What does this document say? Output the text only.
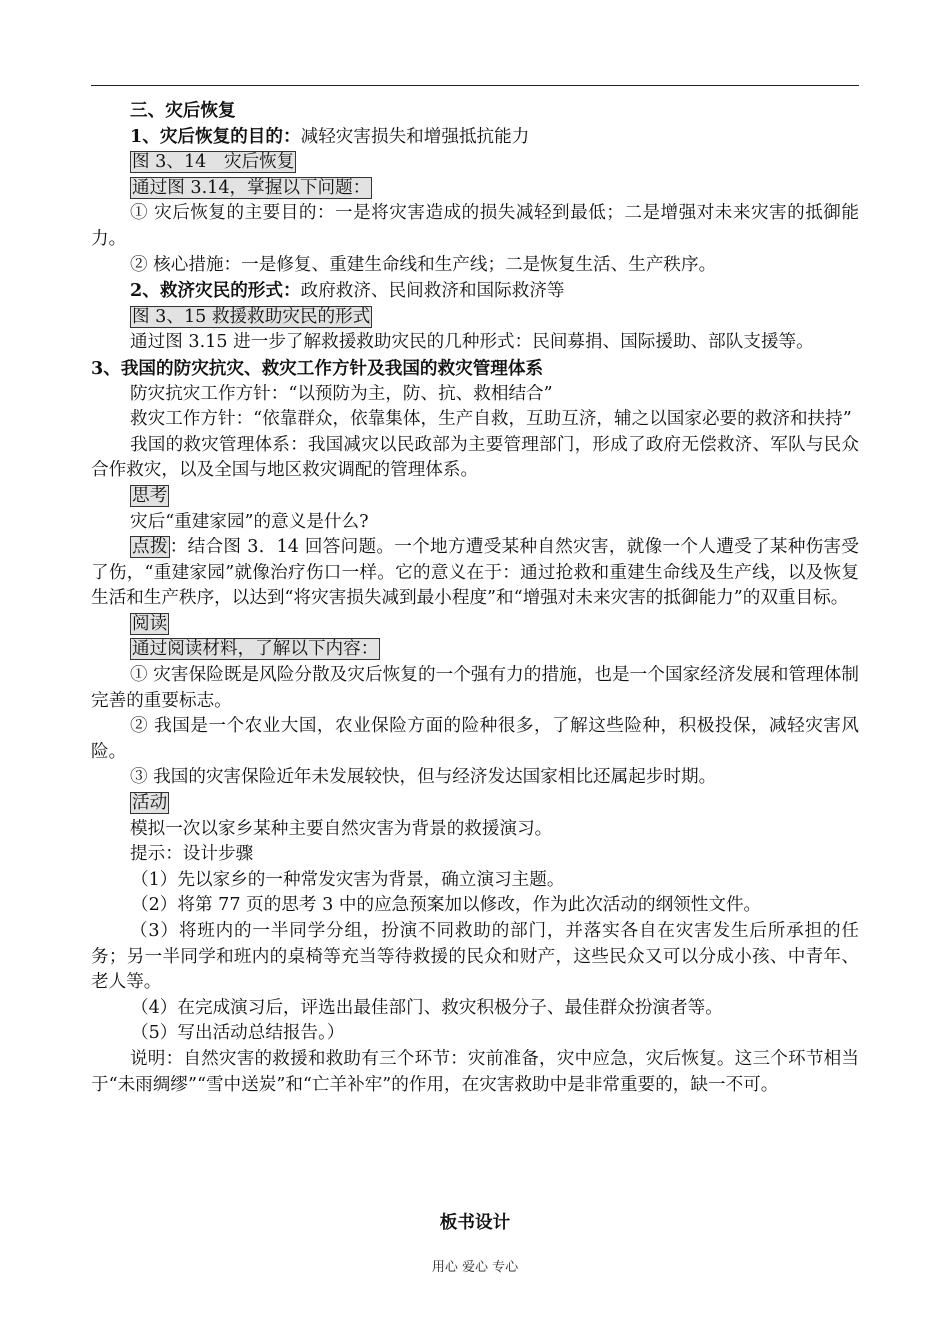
三、灾后恢复

1、灾后恢复的目的：减轻灾害损失和增强抵抗能力

图 3、14　灾后恢复

通过图 3.14，掌握以下问题：

① 灾后恢复的主要目的：一是将灾害造成的损失减轻到最低；二是增强对未来灾害的抵御能力。

② 核心措施：一是修复、重建生命线和生产线；二是恢复生活、生产秩序。

2、救济灾民的形式：政府救济、民间救济和国际救济等

图 3、15 救援救助灾民的形式

通过图 3.15 进一步了解救援救助灾民的几种形式：民间募捐、国际援助、部队支援等。

3、我国的防灾抗灾、救灾工作方针及我国的救灾管理体系

防灾抗灾工作方针：“以预防为主，防、抗、救相结合”

救灾工作方针：“依靠群众，依靠集体，生产自救，互助互济，辅之以国家必要的救济和扶持”

我国的救灾管理体系：我国减灾以民政部为主要管理部门，形成了政府无偿救济、军队与民众合作救灾，以及全国与地区救灾调配的管理体系。

思考

灾后“重建家园”的意义是什么?

点拨 ：结合图 3．14 回答问题。一个地方遭受某种自然灾害，就像一个人遭受了某种伤害受了伤，“重建家园”就像治疗伤口一样。它的意义在于：通过抢救和重建生命线及生产线，以及恢复生活和生产秩序，以达到“将灾害损失减到最小程度”和“增强对未来灾害的抵御能力”的双重目标。

阅读

通过阅读材料，了解以下内容：

① 灾害保险既是风险分散及灾后恢复的一个强有力的措施，也是一个国家经济发展和管理体制完善的重要标志。

② 我国是一个农业大国，农业保险方面的险种很多，了解这些险种，积极投保，减轻灾害风险。

③ 我国的灾害保险近年未发展较快，但与经济发达国家相比还属起步时期。

活动

模拟一次以家乡某种主要自然灾害为背景的救援演习。

提示：设计步骤

（1）先以家乡的一种常发灾害为背景，确立演习主题。

（2）将第 77 页的思考 3 中的应急预案加以修改，作为此次活动的纲领性文件。

（3）将班内的一半同学分组，扮演不同救助的部门，并落实各自在灾害发生后所承担的任务；另一半同学和班内的桌椅等充当等待救援的民众和财产，这些民众又可以分成小孩、中青年、老人等。

（4）在完成演习后，评选出最佳部门、救灾积极分子、最佳群众扮演者等。

（5）写出活动总结报告。）

说明：自然灾害的救援和救助有三个环节：灾前准备，灾中应急，灾后恢复。这三个环节相当于“未雨绸缪”“雪中送炭”和“亡羊补牢”的作用，在灾害救助中是非常重要的，缺一不可。

板书设计
用心 爱心 专心
